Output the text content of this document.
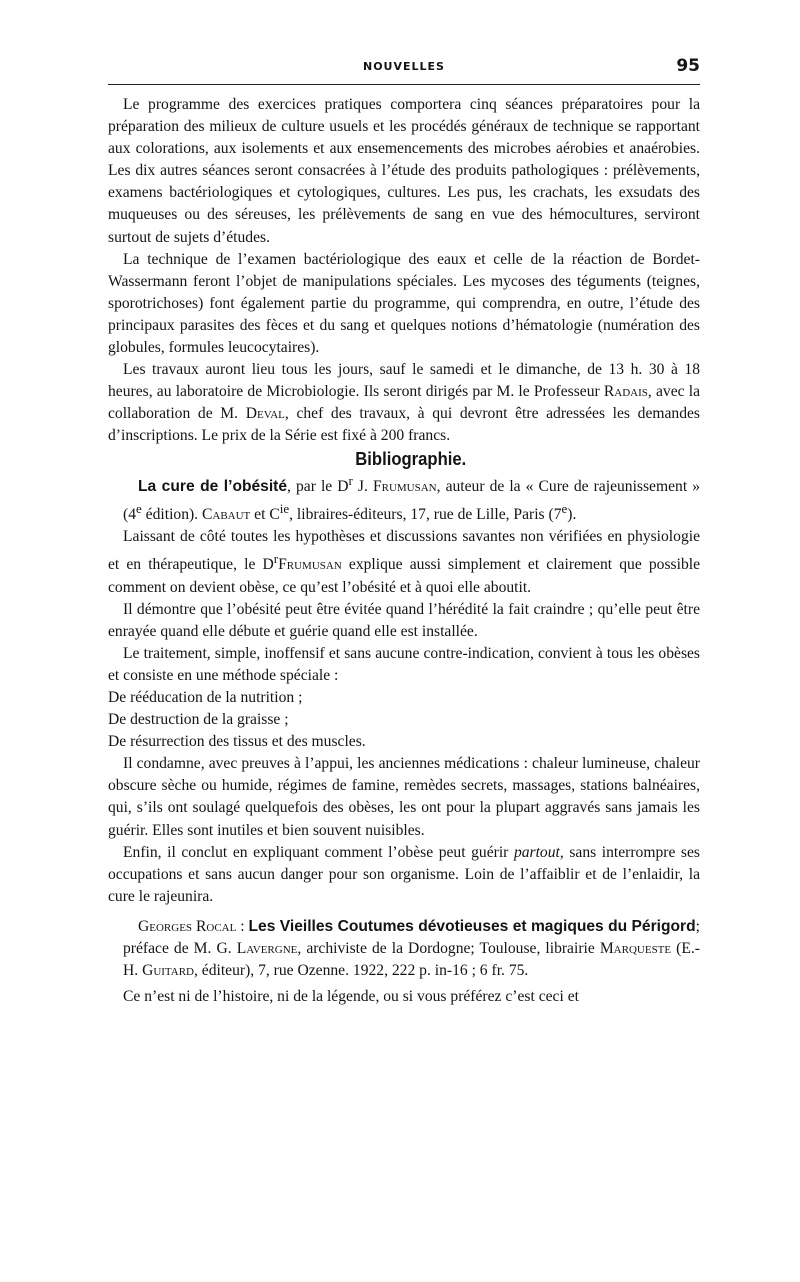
NOUVELLES	95

Le programme des exercices pratiques comportera cinq séances préparatoires pour la préparation des milieux de culture usuels et les procédés généraux de technique se rapportant aux colorations, aux isolements et aux ensemencements des microbes aérobies et anaérobies. Les dix autres séances seront consacrées à l’étude des produits pathologiques : prélèvements, examens bactériologiques et cytologiques, cultures. Les pus, les crachats, les exsudats des muqueuses ou des séreuses, les prélèvements de sang en vue des hémocultures, serviront surtout de sujets d’études.

La technique de l’examen bactériologique des eaux et celle de la réaction de Bordet-Wassermann feront l’objet de manipulations spéciales. Les mycoses des téguments (teignes, sporotrichoses) font également partie du programme, qui comprendra, en outre, l’étude des principaux parasites des fèces et du sang et quelques notions d’hématologie (numération des globules, formules leucocytaires).

Les travaux auront lieu tous les jours, sauf le samedi et le dimanche, de 13 h. 30 à 18 heures, au laboratoire de Microbiologie. Ils seront dirigés par M. le Professeur Radais, avec la collaboration de M. Deval, chef des travaux, à qui devront être adressées les demandes d’inscriptions. Le prix de la Série est fixé à 200 francs.

Bibliographie.

La cure de l’obésité, par le $D^r$ J. Frumusan, auteur de la « Cure de rajeunissement » (4e édition). Cabaut et $C^{ie}$, libraires-éditeurs, 17, rue de Lille, Paris (7e).

Laissant de côté toutes les hypothèses et discussions savantes non vérifiées en physiologie et en thérapeutique, le $D^rFrumusan$ explique aussi simplement et clairement que possible comment on devient obèse, ce qu’est l’obésité et à quoi elle aboutit.

Il démontre que l’obésité peut être évitée quand l’hérédité la fait craindre ; qu’elle peut être enrayée quand elle débute et guérie quand elle est installée.

Le traitement, simple, inoffensif et sans aucune contre-indication, convient à tous les obèses et consiste en une méthode spéciale :

De rééducation de la nutrition ;

De destruction de la graisse ;

De résurrection des tissus et des muscles.

Il condamne, avec preuves à l’appui, les anciennes médications : chaleur lumineuse, chaleur obscure sèche ou humide, régimes de famine, remèdes secrets, massages, stations balnéaires, qui, s’ils ont soulagé quelquefois des obèses, les ont pour la plupart aggravés sans jamais les guérir. Elles sont inutiles et bien souvent nuisibles.

Enfin, il conclut en expliquant comment l’obèse peut guérir partout, sans interrompre ses occupations et sans aucun danger pour son organisme. Loin de l’affaiblir et de l’enlaidir, la cure le rajeunira.

Georges Rocal : Les Vieilles Coutumes dévotieuses et magiques du Périgord; préface de M. G. Lavergne, archiviste de la Dordogne; Toulouse, librairie Marqueste (E.-H. Guitard, éditeur), 7, rue Ozenne. 1922, 222 p. in-16 ; 6 fr. 75.

Ce n’est ni de l’histoire, ni de la légende, ou si vous préférez c’est ceci et
